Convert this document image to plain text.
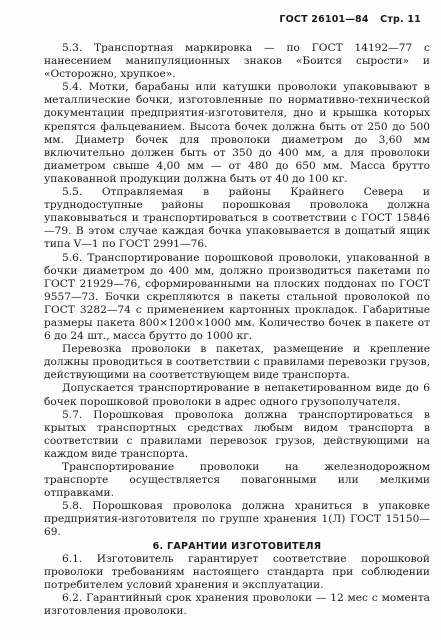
ГОСТ 26101—84 Стр. 11

5.3. Транспортная маркировка — по ГОСТ 14192—77 с нанесением манипуляционных знаков «Боится сырости» и «Осторожно, хрупкое».

5.4. Мотки, барабаны или катушки проволоки упаковывают в металлические бочки, изготовленные по нормативно-технической документации предприятия-изготовителя, дно и крышка которых крепятся фальцеванием. Высота бочек должна быть от 250 до 500 мм. Диаметр бочек для проволоки диаметром до 3,60 мм включительно должен быть от 350 до 400 мм, а для проволоки диаметром свыше 4,00 мм — от 480 до 650 мм. Масса брутто упакованной продукции должна быть от 40 до 100 кг.

5.5. Отправляемая в районы Крайнего Севера и труднодоступные районы порошковая проволока должна упаковываться и транспортироваться в соответствии с ГОСТ 15846—79. В этом случае каждая бочка упаковывается в дощатый ящик типа V—1 по ГОСТ 2991—76.

5.6. Транспортирование порошковой проволоки, упакованной в бочки диаметром до 400 мм, должно производиться пакетами по ГОСТ 21929—76, сформированными на плоских поддонах по ГОСТ 9557—73. Бочки скрепляются в пакеты стальной проволокой по ГОСТ 3282—74 с применением картонных прокладок. Габаритные размеры пакета 800×1200×1000 мм. Количество бочек в пакете от 6 до 24 шт., масса брутто до 1000 кг.

Перевозка проволоки в пакетах, размещение и крепление должны проводиться в соответствии с правилами перевозки грузов, действующими на соответствующем виде транспорта.

Допускается транспортирование в непакетированном виде до 6 бочек порошковой проволоки в адрес одного грузополучателя.

5.7. Порошковая проволока должна транспортироваться в крытых транспортных средствах любым видом транспорта в соответствии с правилами перевозок грузов, действующими на каждом виде транспорта.

Транспортирование проволоки на железнодорожном транспорте осуществляется повагонными или мелкими отправками.

5.8. Порошковая проволока должна храниться в упаковке предприятия-изготовителя по группе хранения 1(Л) ГОСТ 15150—69.

6. ГАРАНТИИ ИЗГОТОВИТЕЛЯ

6.1. Изготовитель гарантирует соответствие порошковой проволоки требованиям настоящего стандарта при соблюдении потребителем условий хранения и эксплуатации.

6.2. Гарантийный срок хранения проволоки — 12 мес с момента изготовления проволоки.
